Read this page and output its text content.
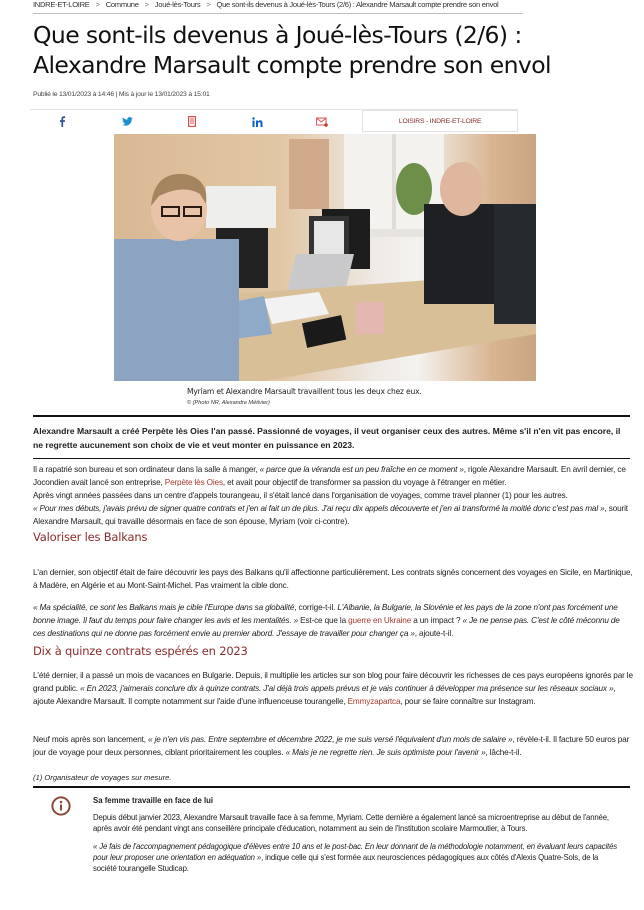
INDRE-ET-LOIRE > Commune > Joué-lès-Tours > Que sont-ils devenus à Joué-lès-Tours (2/6) : Alexandre Marsault compte prendre son envol
Que sont-ils devenus à Joué-lès-Tours (2/6) :
Alexandre Marsault compte prendre son envol
Publié le 13/01/2023 à 14:46 | Mis à jour le 13/01/2023 à 15:01
LOISIRS - INDRE-ET-LOIRE
Myriam et Alexandre Marsault travaillent tous les deux chez eux.
© (Photo NR, Alexandre Métivier)
Alexandre Marsault a créé Perpète lès Oies l'an passé. Passionné de voyages, il veut organiser ceux des autres. Même s'il n'en vit pas encore, il ne regrette aucunement son choix de vie et veut monter en puissance en 2023.

Il a rapatrié son bureau et son ordinateur dans la salle à manger, « parce que la véranda est un peu fraîche en ce moment », rigole Alexandre Marsault. En avril dernier, ce Jocondien avait lancé son entreprise, Perpète lès Oies, et avait pour objectif de transformer sa passion du voyage à l'étranger en métier.
Après vingt années passées dans un centre d'appels tourangeau, il s'était lancé dans l'organisation de voyages, comme travel planner (1) pour les autres.
« Pour mes débuts, j'avais prévu de signer quatre contrats et j'en ai fait un de plus. J'ai reçu dix appels découverte et j'en ai transformé la moitié donc c'est pas mal », sourit Alexandre Marsault, qui travaille désormais en face de son épouse, Myriam (voir ci-contre).

Valoriser les Balkans

L'an dernier, son objectif était de faire découvrir les pays des Balkans qu'il affectionne particulièrement. Les contrats signés concernent des voyages en Sicile, en Martinique, à Madère, en Algérie et au Mont-Saint-Michel. Pas vraiment la cible donc.

« Ma spécialité, ce sont les Balkans mais je cible l'Europe dans sa globalité, corrige-t-il. L'Albanie, la Bulgarie, la Slovénie et les pays de la zone n'ont pas forcément une bonne image. Il faut du temps pour faire changer les avis et les mentalités. » Est-ce que la guerre en Ukraine a un impact ? « Je ne pense pas. C'est le côté méconnu de ces destinations qui ne donne pas forcément envie au premier abord. J'essaye de travailler pour changer ça », ajoute-t-il.

Dix à quinze contrats espérés en 2023

L'été dernier, il a passé un mois de vacances en Bulgarie. Depuis, il multiplie les articles sur son blog pour faire découvrir les richesses de ces pays européens ignorés par le grand public. « En 2023, j'aimerais conclure dix à quinze contrats. J'ai déjà trois appels prévus et je vais continuer à développer ma présence sur les réseaux sociaux », ajoute Alexandre Marsault. Il compte notamment sur l'aide d'une influenceuse tourangelle, Emmyzapartca, pour se faire connaître sur Instagram.

Neuf mois après son lancement, « je n'en vis pas. Entre septembre et décembre 2022, je me suis versé l'équivalent d'un mois de salaire », révèle-t-il. Il facture 50 euros par jour de voyage pour deux personnes, ciblant prioritairement les couples. « Mais je ne regrette rien. Je suis optimiste pour l'avenir », lâche-t-il.

(1) Organisateur de voyages sur mesure.
Sa femme travaille en face de lui

Depuis début janvier 2023, Alexandre Marsault travaille face à sa femme, Myriam. Cette dernière a également lancé sa microentreprise au début de l'année, après avoir été pendant vingt ans conseillère principale d'éducation, notamment au sein de l'Institution scolaire Marmoutier, à Tours.

« Je fais de l'accompagnement pédagogique d'élèves entre 10 ans et le post-bac. En leur donnant de la méthodologie notamment, en évaluant leurs capacités pour leur proposer une orientation en adéquation », indique celle qui s'est formée aux neurosciences pédagogiques aux côtés d'Alexis Quatre-Sols, de la société tourangelle Studicap.
